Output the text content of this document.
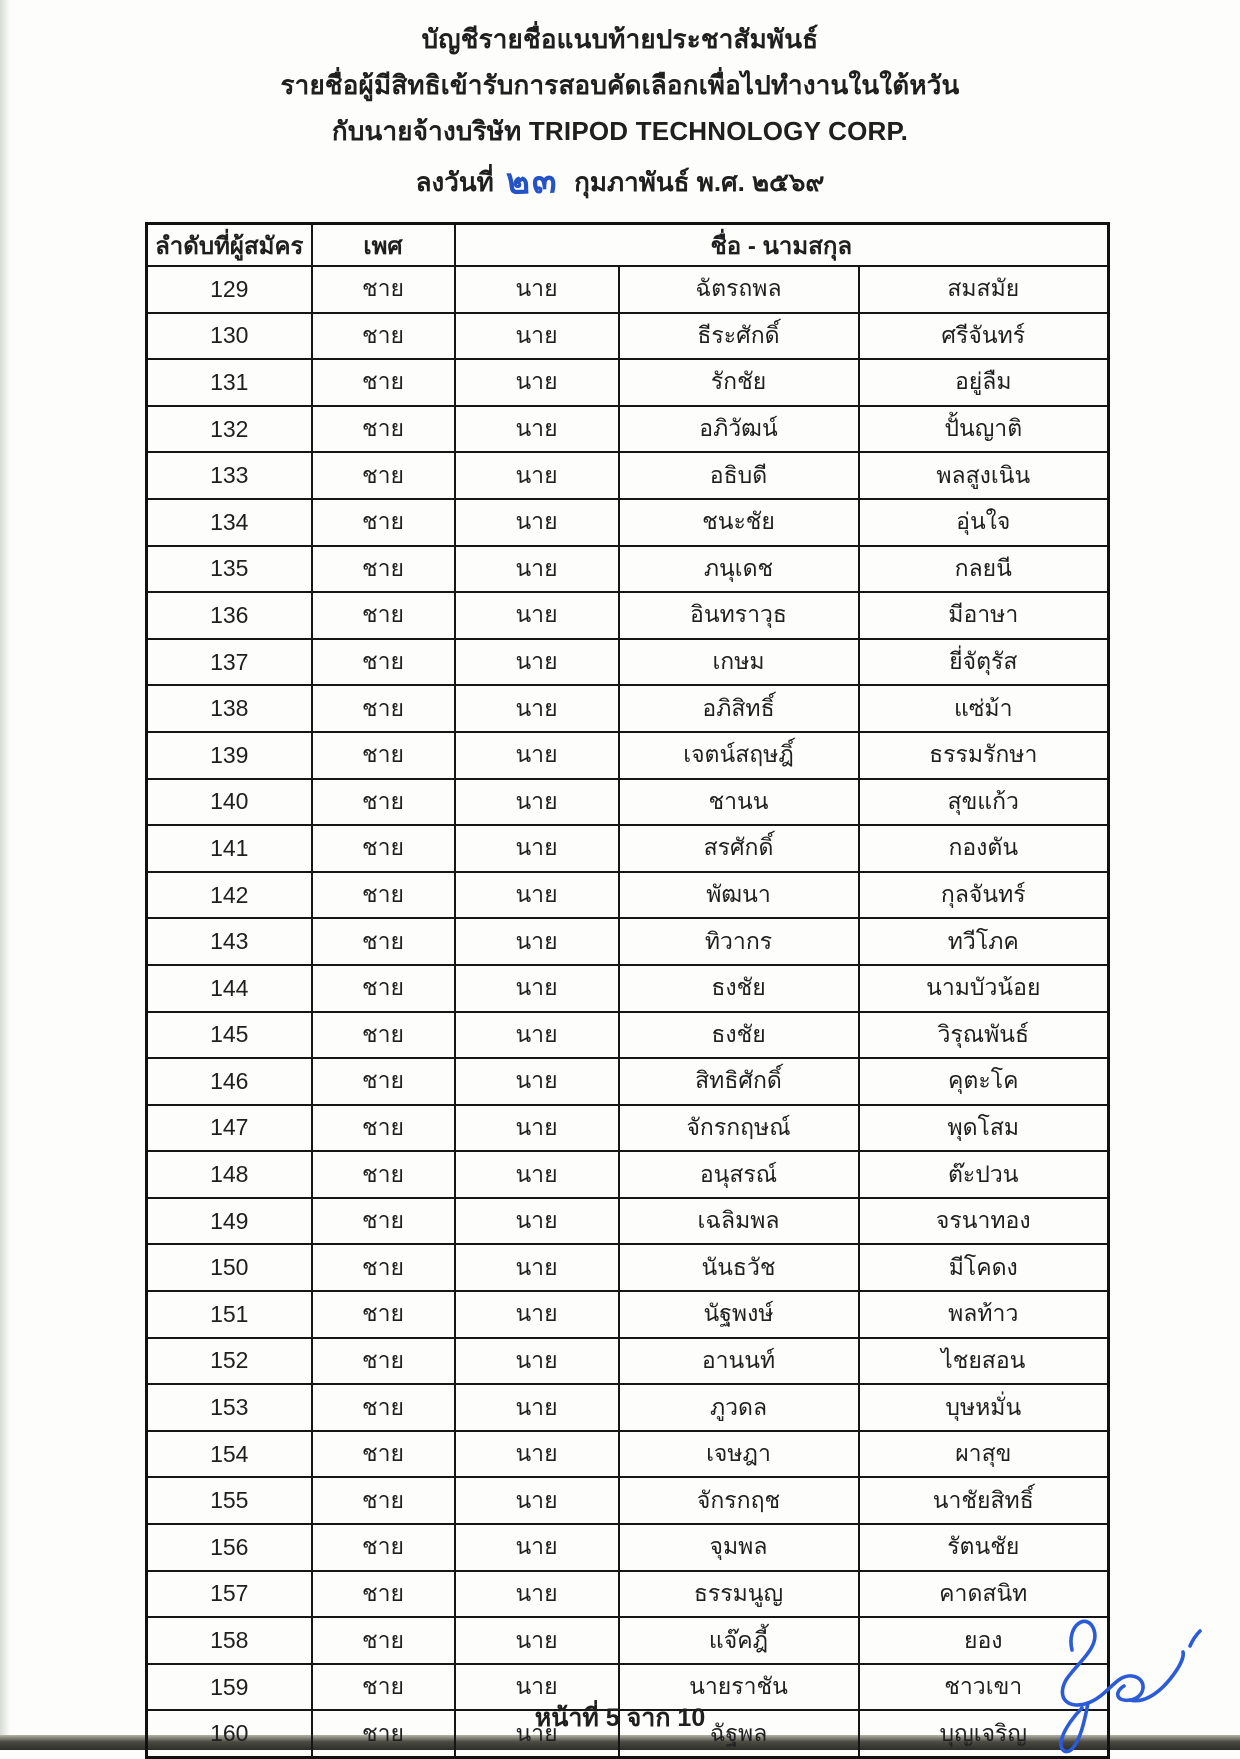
บัญชีรายชื่อแนบท้ายประชาสัมพันธ์

รายชื่อผู้มีสิทธิเข้ารับการสอบคัดเลือกเพื่อไปทำงานในใต้หวัน

กับนายจ้างบริษัท TRIPOD TECHNOLOGY CORP.

ลงวันที่ ๒๓ กุมภาพันธ์ พ.ศ. ๒๕๖๙
ลำดับที่ผู้สมัคร	เพศ	ชื่อ - นามสกุล		
129	ชาย	นาย	ฉัตรถพล	สมสมัย
130	ชาย	นาย	ธีระศักดิ์	ศรีจันทร์
131	ชาย	นาย	รักชัย	อยู่ลืม
132	ชาย	นาย	อภิวัฒน์	ปั้นญาติ
133	ชาย	นาย	อธิบดี	พลสูงเนิน
134	ชาย	นาย	ชนะชัย	อุ่นใจ
135	ชาย	นาย	ภนุเดช	กลยนี
136	ชาย	นาย	อินทราวุธ	มีอาษา
137	ชาย	นาย	เกษม	ยี่จัตุรัส
138	ชาย	นาย	อภิสิทธิ์	แซ่ม้า
139	ชาย	นาย	เจตน์สฤษฎิ์	ธรรมรักษา
140	ชาย	นาย	ชานน	สุขแก้ว
141	ชาย	นาย	สรศักดิ์	กองตัน
142	ชาย	นาย	พัฒนา	กุลจันทร์
143	ชาย	นาย	ทิวากร	ทวีโภค
144	ชาย	นาย	ธงชัย	นามบัวน้อย
145	ชาย	นาย	ธงชัย	วิรุณพันธ์
146	ชาย	นาย	สิทธิศักดิ์	คุตะโค
147	ชาย	นาย	จักรกฤษณ์	พุดโสม
148	ชาย	นาย	อนุสรณ์	ต๊ะปวน
149	ชาย	นาย	เฉลิมพล	จรนาทอง
150	ชาย	นาย	นันธวัช	มีโคดง
151	ชาย	นาย	นัฐพงษ์	พลท้าว
152	ชาย	นาย	อานนท์	ไชยสอน
153	ชาย	นาย	ภูวดล	บุษหมั่น
154	ชาย	นาย	เจษฎา	ผาสุข
155	ชาย	นาย	จักรกฤช	นาชัยสิทธิ์
156	ชาย	นาย	จุมพล	รัตนชัย
157	ชาย	นาย	ธรรมนูญ	คาดสนิท
158	ชาย	นาย	แจ๊คฎี้	ยอง
159	ชาย	นาย	นายราชัน	ชาวเขา
160	ชาย	นาย	ฉัฐพล	บุญเจริญ
หน้าที่ 5 จาก 10
